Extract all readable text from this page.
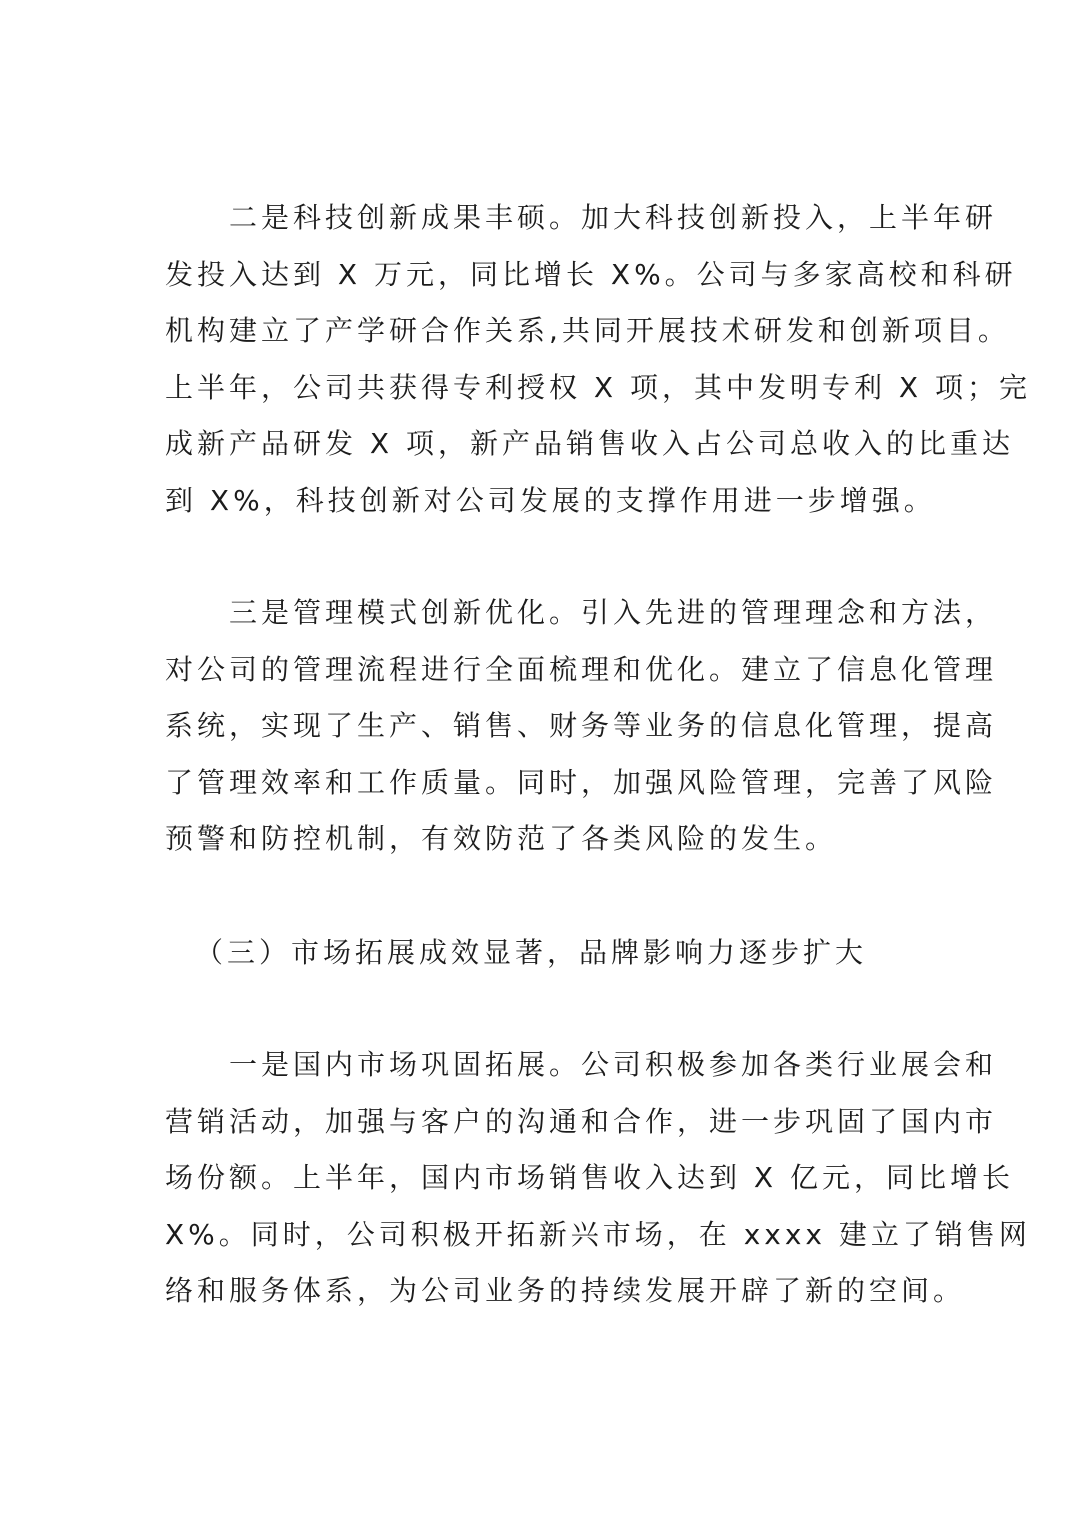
　　二是科技创新成果丰硕。加大科技创新投入，上半年研
发投入达到 X 万元，同比增长 X%。公司与多家高校和科研
机构建立了产学研合作关系,共同开展技术研发和创新项目。
上半年，公司共获得专利授权 X 项，其中发明专利 X 项；完
成新产品研发 X 项，新产品销售收入占公司总收入的比重达
到 X%，科技创新对公司发展的支撑作用进一步增强。
　　三是管理模式创新优化。引入先进的管理理念和方法，
对公司的管理流程进行全面梳理和优化。建立了信息化管理
系统，实现了生产、销售、财务等业务的信息化管理，提高
了管理效率和工作质量。同时，加强风险管理，完善了风险
预警和防控机制，有效防范了各类风险的发生。
（三）市场拓展成效显著，品牌影响力逐步扩大
　　一是国内市场巩固拓展。公司积极参加各类行业展会和
营销活动，加强与客户的沟通和合作，进一步巩固了国内市
场份额。上半年，国内市场销售收入达到 X 亿元，同比增长
X%。同时，公司积极开拓新兴市场，在 xxxx 建立了销售网
络和服务体系，为公司业务的持续发展开辟了新的空间。
